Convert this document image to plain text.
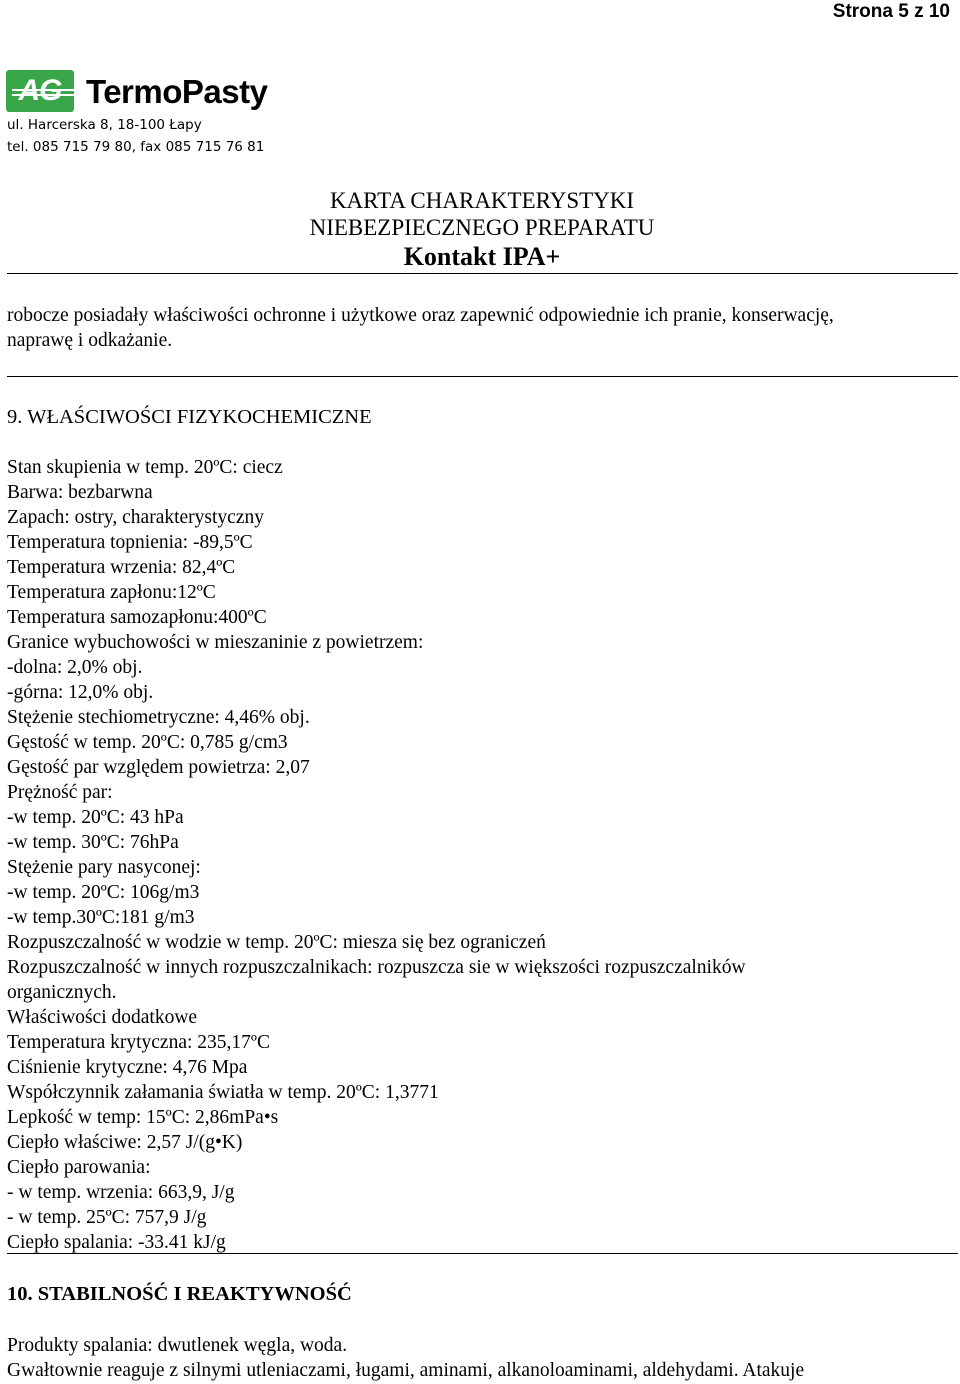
Strona 5 z 10
AG TermoPasty
ul. Harcerska 8, 18-100 Łapy
tel. 085 715 79 80, fax 085 715 76 81
KARTA CHARAKTERYSTYKI
NIEBEZPIECZNEGO PREPARATU
Kontakt IPA+
robocze posiadały właściwości ochronne i użytkowe oraz zapewnić odpowiednie ich pranie, konserwację,
naprawę i odkażanie.
9. WŁAŚCIWOŚCI FIZYKOCHEMICZNE
Stan skupienia w temp. 20ºC: ciecz
Barwa: bezbarwna
Zapach: ostry, charakterystyczny
Temperatura topnienia: -89,5ºC
Temperatura wrzenia: 82,4ºC
Temperatura zapłonu:12ºC
Temperatura samozapłonu:400ºC
Granice wybuchowości w mieszaninie z powietrzem:
-dolna: 2,0% obj.
-górna: 12,0% obj.
Stężenie stechiometryczne: 4,46% obj.
Gęstość w temp. 20ºC: 0,785 g/cm3
Gęstość par względem powietrza: 2,07
Prężność par:
-w temp. 20ºC: 43 hPa
-w temp. 30ºC: 76hPa
Stężenie pary nasyconej:
-w temp. 20ºC: 106g/m3
-w temp.30ºC:181 g/m3
Rozpuszczalność w wodzie w temp. 20ºC: miesza się bez ograniczeń
Rozpuszczalność w innych rozpuszczalnikach: rozpuszcza sie w większości rozpuszczalników
organicznych.
Właściwości dodatkowe
Temperatura krytyczna: 235,17ºC
Ciśnienie krytyczne: 4,76 Mpa
Współczynnik załamania światła w temp. 20ºC: 1,3771
Lepkość w temp: 15ºC: 2,86mPa•s
Ciepło właściwe: 2,57 J/(g•K)
Ciepło parowania:
- w temp. wrzenia: 663,9, J/g
- w temp. 25ºC: 757,9 J/g
Ciepło spalania: -33.41 kJ/g
10. STABILNOŚĆ I REAKTYWNOŚĆ
Produkty spalania: dwutlenek węgla, woda.
Gwałtownie reaguje z silnymi utleniaczami, ługami, aminami, alkanoloaminami, aldehydami. Atakuje
